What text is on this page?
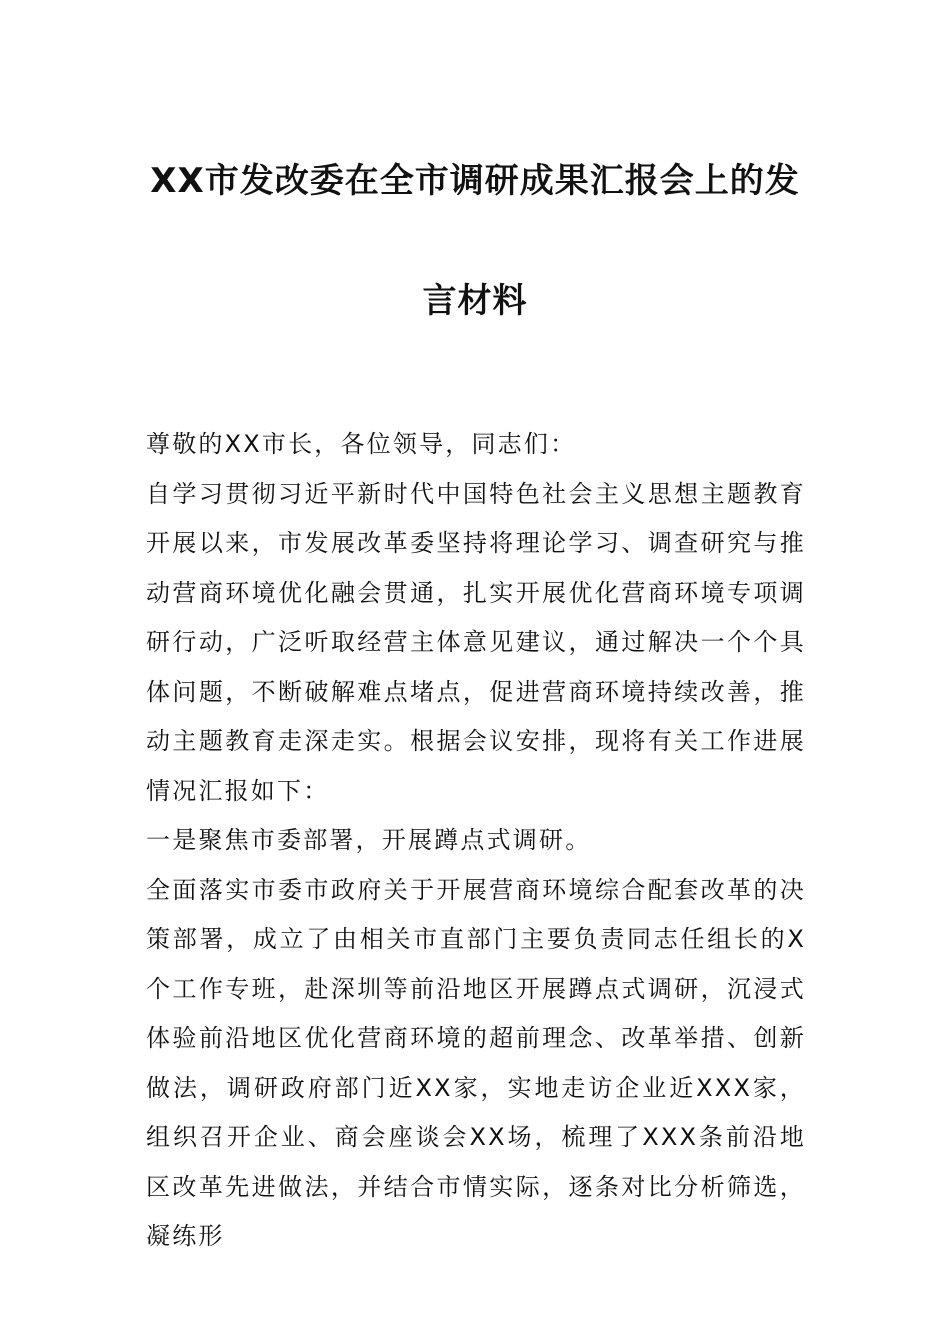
XX市发改委在全市调研成果汇报会上的发
言材料

尊敬的XX市长，各位领导，同志们：

自学习贯彻习近平新时代中国特色社会主义思想主题教育开展以来，市发展改革委坚持将理论学习、调查研究与推动营商环境优化融会贯通，扎实开展优化营商环境专项调研行动，广泛听取经营主体意见建议，通过解决一个个具体问题，不断破解难点堵点，促进营商环境持续改善，推动主题教育走深走实。根据会议安排，现将有关工作进展情况汇报如下：

一是聚焦市委部署，开展蹲点式调研。

全面落实市委市政府关于开展营商环境综合配套改革的决策部署，成立了由相关市直部门主要负责同志任组长的X个工作专班，赴深圳等前沿地区开展蹲点式调研，沉浸式体验前沿地区优化营商环境的超前理念、改革举措、创新做法，调研政府部门近XX家，实地走访企业近XXX家，组织召开企业、商会座谈会XX场，梳理了XXX条前沿地区改革先进做法，并结合市情实际，逐条对比分析筛选，凝练形
